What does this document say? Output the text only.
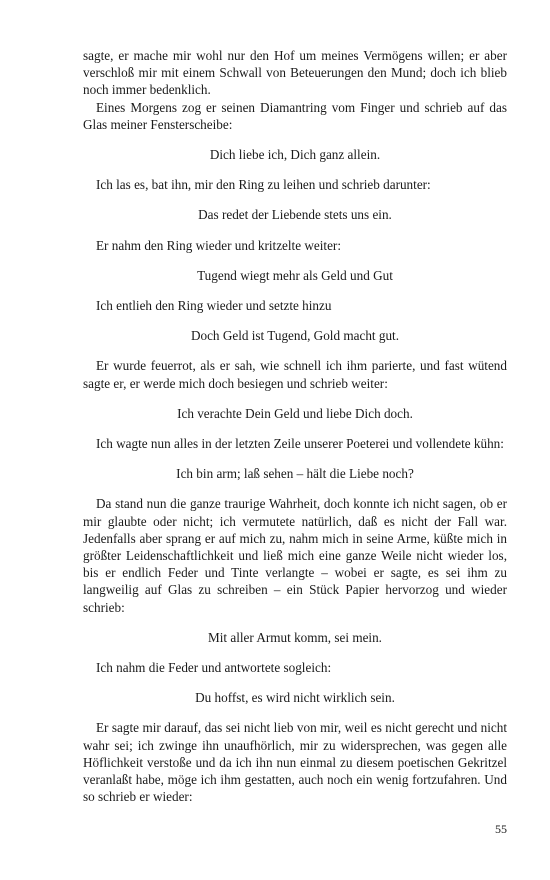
sagte, er mache mir wohl nur den Hof um meines Vermögens willen; er aber verschloß mir mit einem Schwall von Beteuerungen den Mund; doch ich blieb noch immer bedenklich.

Eines Morgens zog er seinen Diamantring vom Finger und schrieb auf das Glas meiner Fensterscheibe:

Dich liebe ich, Dich ganz allein.

Ich las es, bat ihn, mir den Ring zu leihen und schrieb darunter:

Das redet der Liebende stets uns ein.

Er nahm den Ring wieder und kritzelte weiter:

Tugend wiegt mehr als Geld und Gut

Ich entlieh den Ring wieder und setzte hinzu

Doch Geld ist Tugend, Gold macht gut.

Er wurde feuerrot, als er sah, wie schnell ich ihm parierte, und fast wütend sagte er, er werde mich doch besiegen und schrieb weiter:

Ich verachte Dein Geld und liebe Dich doch.

Ich wagte nun alles in der letzten Zeile unserer Poeterei und vollendete kühn:

Ich bin arm; laß sehen – hält die Liebe noch?

Da stand nun die ganze traurige Wahrheit, doch konnte ich nicht sagen, ob er mir glaubte oder nicht; ich vermutete natürlich, daß es nicht der Fall war. Jedenfalls aber sprang er auf mich zu, nahm mich in seine Arme, küßte mich in größter Leidenschaftlichkeit und ließ mich eine ganze Weile nicht wieder los, bis er endlich Feder und Tinte verlangte – wobei er sagte, es sei ihm zu langweilig auf Glas zu schreiben – ein Stück Papier hervorzog und wieder schrieb:

Mit aller Armut komm, sei mein.

Ich nahm die Feder und antwortete sogleich:

Du hoffst, es wird nicht wirklich sein.

Er sagte mir darauf, das sei nicht lieb von mir, weil es nicht gerecht und nicht wahr sei; ich zwinge ihn unaufhörlich, mir zu widersprechen, was gegen alle Höflichkeit verstoße und da ich ihn nun einmal zu diesem poetischen Gekritzel veranlaßt habe, möge ich ihm gestatten, auch noch ein wenig fortzufahren. Und so schrieb er wieder:

55
